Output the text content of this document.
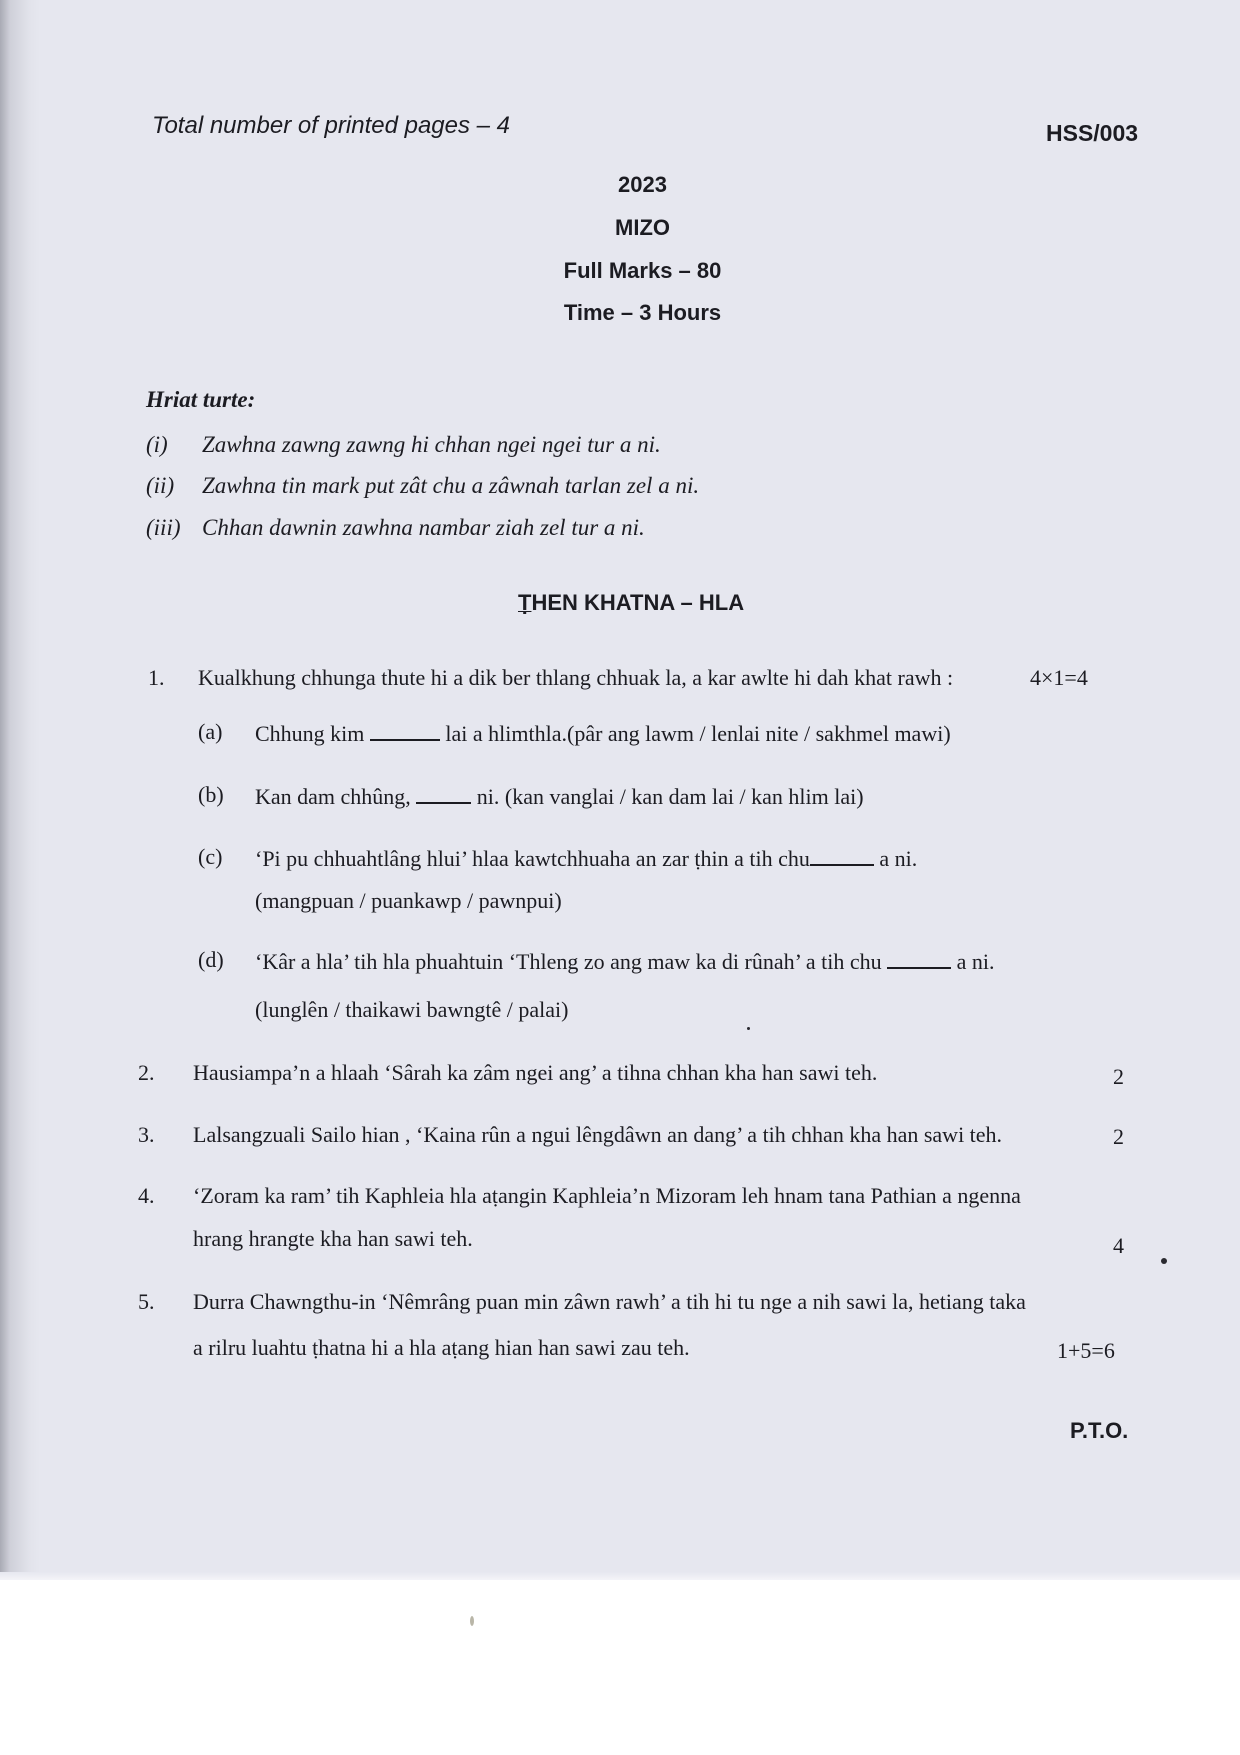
Total number of printed pages – 4	HSS/003
2023
MIZO
Full Marks – 80
Time – 3 Hours
Hriat turte:
(i) Zawhna zawng zawng hi chhan ngei ngei tur a ni.
(ii) Zawhna tin mark put zât chu a zâwnah tarlan zel a ni.
(iii) Chhan dawnin zawhna nambar ziah zel tur a ni.
ṬHEN KHATNA – HLA
1. Kualkhung chhunga thute hi a dik ber thlang chhuak la, a kar awlte hi dah khat rawh :	4×1=4
(a) Chhung kim	lai a hlimthla.(pâr ang lawm / lenlai nite / sakhmel mawi)
(b) Kan dam chhûng,	ni. (kan vanglai / kan dam lai / kan hlim lai)
(c) ‘Pi pu chhuahtlâng hlui’ hlaa kawtchhuaha an zar ṭhin a tih chu	a ni.
(mangpuan / puankawp / pawnpui)
(d) ‘Kâr a hla’ tih hla phuahtuin ‘Thleng zo ang maw ka di rûnah’ a tih chu	a ni.
(lunglên / thaikawi bawngtê / palai)
2. Hausiampa’n a hlaah ‘Sârah ka zâm ngei ang’ a tihna chhan kha han sawi teh.	2
3. Lalsangzuali Sailo hian , ‘Kaina rûn a ngui lêngdâwn an dang’ a tih chhan kha han sawi teh.	2
4. ‘Zoram ka ram’ tih Kaphleia hla aṭangin Kaphleia’n Mizoram leh hnam tana Pathian a ngenna
hrang hrangte kha han sawi teh.	4
5. Durra Chawngthu-in ‘Nêmrâng puan min zâwn rawh’ a tih hi tu nge a nih sawi la, hetiang taka
a rilru luahtu ṭhatna hi a hla aṭang hian han sawi zau teh.	1+5=6
P.T.O.
